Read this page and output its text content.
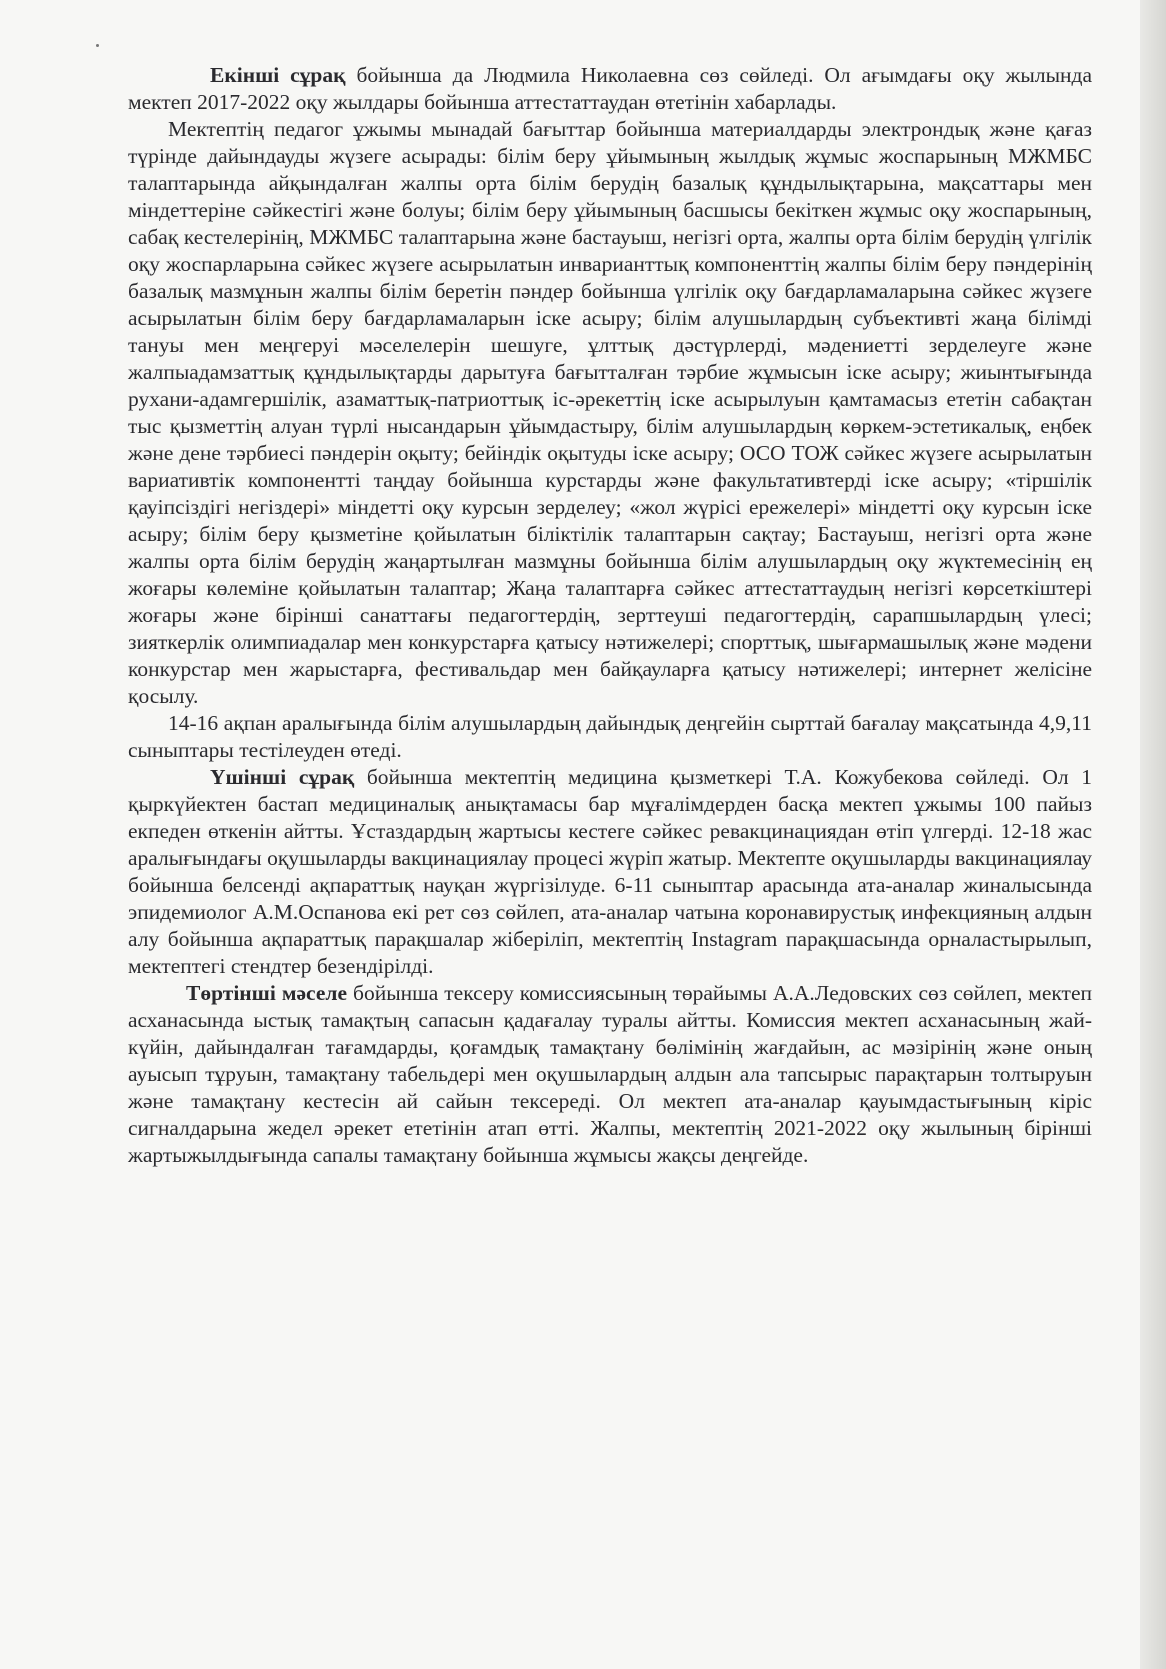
Екінші сұрақ бойынша да Людмила Николаевна сөз сөйледі. Ол ағымдағы оқу жылында мектеп 2017-2022 оқу жылдары бойынша аттестаттаудан өтетінін хабарлады.

Мектептің педагог ұжымы мынадай бағыттар бойынша материалдарды электрондық және қағаз түрінде дайындауды жүзеге асырады: білім беру ұйымының жылдық жұмыс жоспарының МЖМБС талаптарында айқындалған жалпы орта білім берудің базалық құндылықтарына, мақсаттары мен міндеттеріне сәйкестігі және болуы; білім беру ұйымының басшысы бекіткен жұмыс оқу жоспарының, сабақ кестелерінің, МЖМБС талаптарына және бастауыш, негізгі орта, жалпы орта білім берудің үлгілік оқу жоспарларына сәйкес жүзеге асырылатын инварианттық компоненттің жалпы білім беру пәндерінің базалық мазмұнын жалпы білім беретін пәндер бойынша үлгілік оқу бағдарламаларына сәйкес жүзеге асырылатын білім беру бағдарламаларын іске асыру; білім алушылардың субъективті жаңа білімді тануы мен меңгеруі мәселелерін шешуге, ұлттық дәстүрлерді, мәдениетті зерделеуге және жалпыадамзаттық құндылықтарды дарытуға бағытталған тәрбие жұмысын іске асыру; жиынтығында рухани-адамгершілік, азаматтық-патриоттық іс-әрекеттің іске асырылуын қамтамасыз ететін сабақтан тыс қызметтің алуан түрлі нысандарын ұйымдастыру, білім алушылардың көркем-эстетикалық, еңбек және дене тәрбиесі пәндерін оқыту; бейіндік оқытуды іске асыру; ОСО ТОЖ сәйкес жүзеге асырылатын вариативтік компонентті таңдау бойынша курстарды және факультативтерді іске асыру; «тіршілік қауіпсіздігі негіздері» міндетті оқу курсын зерделеу; «жол жүрісі ережелері» міндетті оқу курсын іске асыру; білім беру қызметіне қойылатын біліктілік талаптарын сақтау; Бастауыш, негізгі орта және жалпы орта білім берудің жаңартылған мазмұны бойынша білім алушылардың оқу жүктемесінің ең жоғары көлеміне қойылатын талаптар; Жаңа талаптарға сәйкес аттестаттаудың негізгі көрсеткіштері жоғары және бірінші санаттағы педагогтердің, зерттеуші педагогтердің, сарапшылардың үлесі; зияткерлік олимпиадалар мен конкурстарға қатысу нәтижелері; спорттық, шығармашылық және мәдени конкурстар мен жарыстарға, фестивальдар мен байқауларға қатысу нәтижелері; интернет желісіне қосылу.

14-16 ақпан аралығында білім алушылардың дайындық деңгейін сырттай бағалау мақсатында 4,9,11 сыныптары тестілеуден өтеді.

Үшінші сұрақ бойынша мектептің медицина қызметкері Т.А. Кожубекова сөйледі. Ол 1 қыркүйектен бастап медициналық анықтамасы бар мұғалімдерден басқа мектеп ұжымы 100 пайыз екпеден өткенін айтты. Ұстаздардың жартысы кестеге сәйкес ревакцинациядан өтіп үлгерді. 12-18 жас аралығындағы оқушыларды вакцинациялау процесі жүріп жатыр. Мектепте оқушыларды вакцинациялау бойынша белсенді ақпараттық науқан жүргізілуде. 6-11 сыныптар арасында ата-аналар жиналысында эпидемиолог А.М.Оспанова екі рет сөз сөйлеп, ата-аналар чатына коронавирустық инфекцияның алдын алу бойынша ақпараттық парақшалар жіберіліп, мектептің Instagram парақшасында орналастырылып, мектептегі стендтер безендірілді.

Төртінші мәселе бойынша тексеру комиссиясының төрайымы А.А.Ледовских сөз сөйлеп, мектеп асханасында ыстық тамақтың сапасын қадағалау туралы айтты. Комиссия мектеп асханасының жай-күйін, дайындалған тағамдарды, қоғамдық тамақтану бөлімінің жағдайын, ас мәзірінің және оның ауысып тұруын, тамақтану табельдері мен оқушылардың алдын ала тапсырыс парақтарын толтыруын және тамақтану кестесін ай сайын тексереді. Ол мектеп ата-аналар қауымдастығының кіріс сигналдарына жедел әрекет ететінін атап өтті. Жалпы, мектептің 2021-2022 оқу жылының бірінші жартыжылдығында сапалы тамақтану бойынша жұмысы жақсы деңгейде.
